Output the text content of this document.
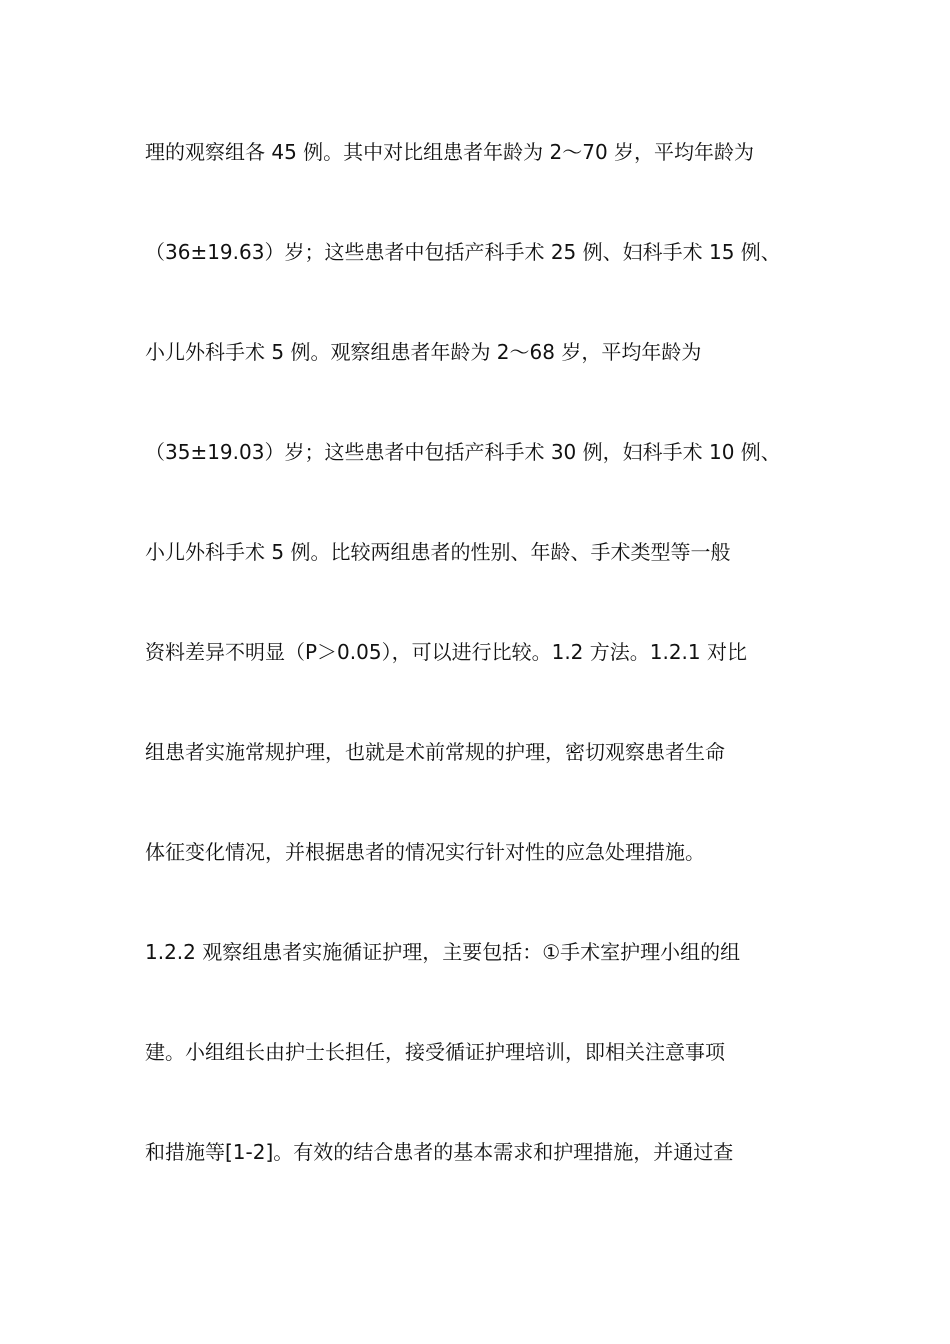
理的观察组各 45 例。其中对比组患者年龄为 2～70 岁，平均年龄为
（36±19.63）岁；这些患者中包括产科手术 25 例、妇科手术 15 例、
小儿外科手术 5 例。观察组患者年龄为 2～68 岁，平均年龄为
（35±19.03）岁；这些患者中包括产科手术 30 例，妇科手术 10 例、
小儿外科手术 5 例。比较两组患者的性别、年龄、手术类型等一般
资料差异不明显（P＞0.05），可以进行比较。1.2 方法。1.2.1 对比
组患者实施常规护理，也就是术前常规的护理，密切观察患者生命
体征变化情况，并根据患者的情况实行针对性的应急处理措施。
1.2.2 观察组患者实施循证护理，主要包括：①手术室护理小组的组
建。小组组长由护士长担任，接受循证护理培训，即相关注意事项
和措施等[1-2]。有效的结合患者的基本需求和护理措施，并通过查
